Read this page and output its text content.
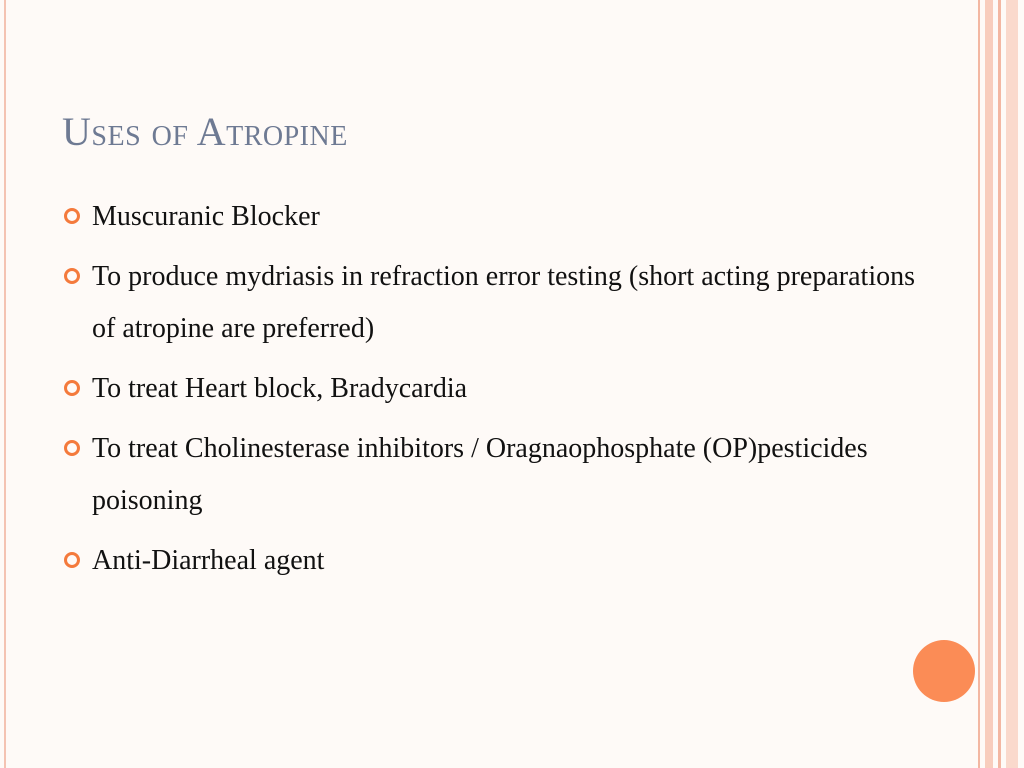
Uses of Atropine
Muscuranic Blocker
To produce mydriasis in refraction error testing (short acting preparations of atropine are preferred)
To treat Heart block, Bradycardia
To treat Cholinesterase inhibitors / Oragnaophosphate (OP)pesticides poisoning
Anti-Diarrheal agent
